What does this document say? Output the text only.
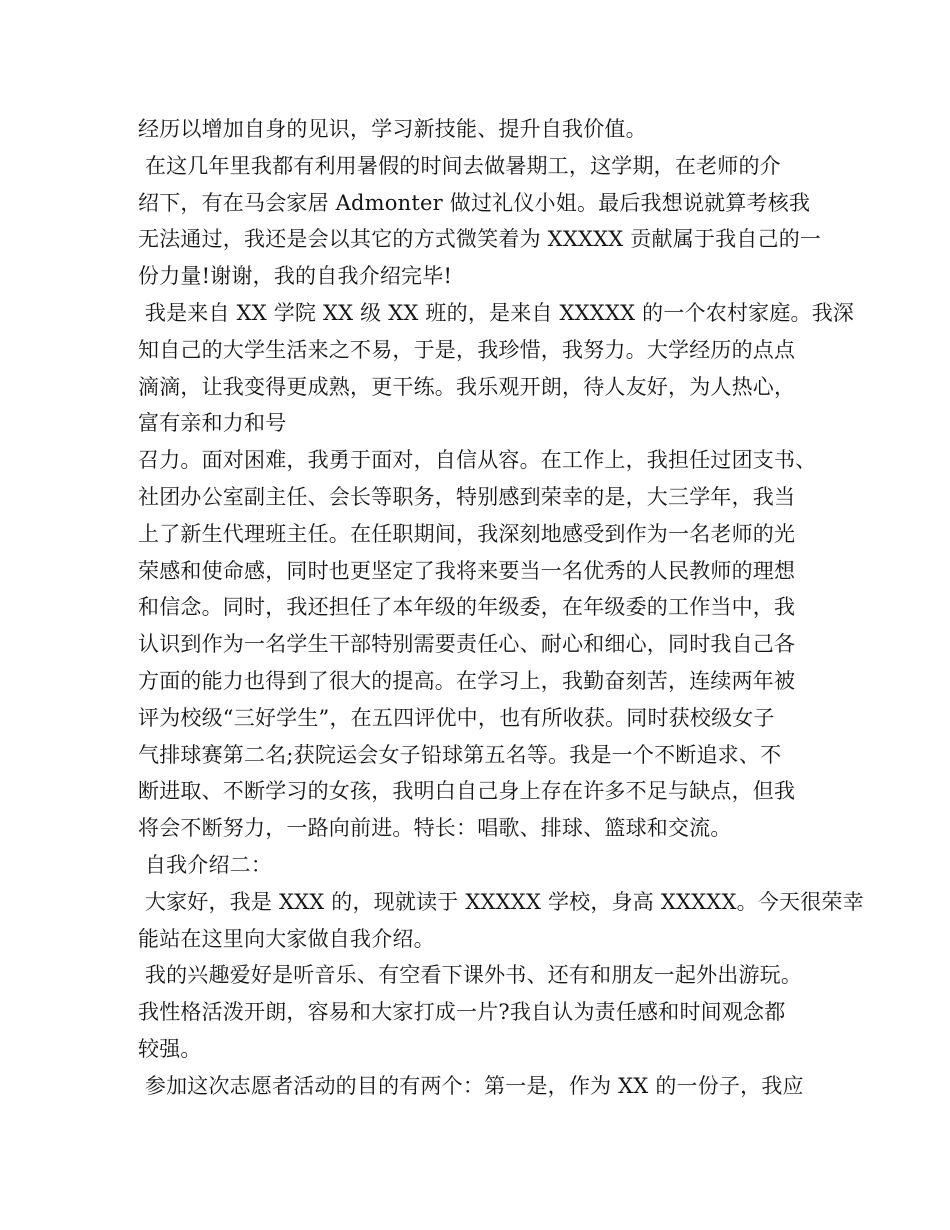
经历以增加自身的见识，学习新技能、提升自我价值。
在这几年里我都有利用暑假的时间去做暑期工，这学期，在老师的介
绍下，有在马会家居 Admonter 做过礼仪小姐。最后我想说就算考核我
无法通过，我还是会以其它的方式微笑着为 XXXXX 贡献属于我自己的一
份力量!谢谢，我的自我介绍完毕!
我是来自 XX 学院 XX 级 XX 班的，是来自 XXXXX 的一个农村家庭。我深
知自己的大学生活来之不易，于是，我珍惜，我努力。大学经历的点点
滴滴，让我变得更成熟，更干练。我乐观开朗，待人友好，为人热心，
富有亲和力和号
召力。面对困难，我勇于面对，自信从容。在工作上，我担任过团支书、
社团办公室副主任、会长等职务，特别感到荣幸的是，大三学年，我当
上了新生代理班主任。在任职期间，我深刻地感受到作为一名老师的光
荣感和使命感，同时也更坚定了我将来要当一名优秀的人民教师的理想
和信念。同时，我还担任了本年级的年级委，在年级委的工作当中，我
认识到作为一名学生干部特别需要责任心、耐心和细心，同时我自己各
方面的能力也得到了很大的提高。在学习上，我勤奋刻苦，连续两年被
评为校级“三好学生”，在五四评优中，也有所收获。同时获校级女子
气排球赛第二名;获院运会女子铅球第五名等。我是一个不断追求、不
断进取、不断学习的女孩，我明白自己身上存在许多不足与缺点，但我
将会不断努力，一路向前进。特长：唱歌、排球、篮球和交流。
自我介绍二：
大家好，我是 XXX 的，现就读于 XXXXX 学校，身高 XXXXX。今天很荣幸
能站在这里向大家做自我介绍。
我的兴趣爱好是听音乐、有空看下课外书、还有和朋友一起外出游玩。
我性格活泼开朗，容易和大家打成一片?我自认为责任感和时间观念都
较强。
参加这次志愿者活动的目的有两个：第一是，作为 XX 的一份子，我应
